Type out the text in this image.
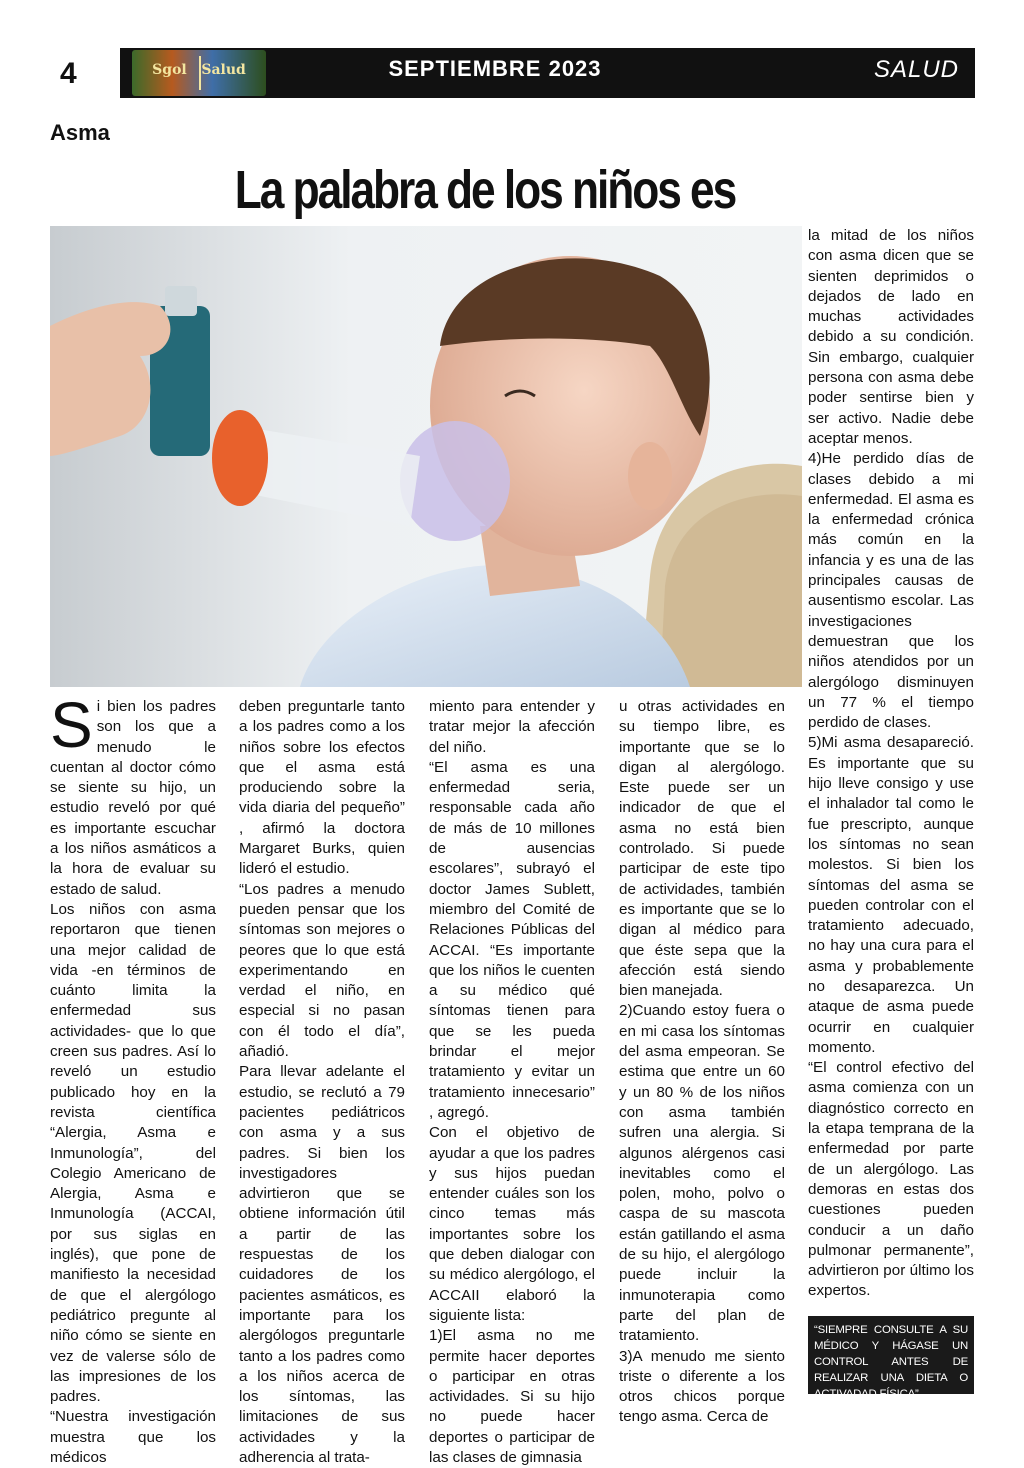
4	Sgol Salud	SEPTIEMBRE 2023	SALUD
Asma
La palabra de los niños es

Si bien los padres son los que a menudo le cuentan al doctor cómo se siente su hijo, un estudio reveló por qué es importante escuchar a los niños asmáticos a la hora de evaluar su estado de salud.

Los niños con asma reportaron que tienen una mejor calidad de vida -en términos de cuánto limita la enfermedad sus actividades- que lo que creen sus padres. Así lo reveló un estudio publicado hoy en la revista científica “Alergia, Asma e Inmunología”, del Colegio Americano de Alergia, Asma e Inmunología (ACCAI, por sus siglas en inglés), que pone de manifiesto la necesidad de que el alergólogo pediátrico pregunte al niño cómo se siente en vez de valerse sólo de las impresiones de los padres.

“Nuestra investigación muestra que los médicos

deben preguntarle tanto a los padres como a los niños sobre los efectos que el asma está produciendo sobre la vida diaria del pequeño” , afirmó la doctora Margaret Burks, quien lideró el estudio.

“Los padres a menudo pueden pensar que los síntomas son mejores o peores que lo que está experimentando en verdad el niño, en especial si no pasan con él todo el día”, añadió.

Para llevar adelante el estudio, se reclutó a 79 pacientes pediátricos con asma y a sus padres. Si bien los investigadores advirtieron que se obtiene información útil a partir de las respuestas de los cuidadores de los pacientes asmáticos, es importante para los alergólogos preguntarle tanto a los padres como a los niños acerca de los síntomas, las limitaciones de sus actividades y la adherencia al trata-

miento para entender y tratar mejor la afección del niño.

“El asma es una enfermedad seria, responsable cada año de más de 10 millones de ausencias escolares”, subrayó el doctor James Sublett, miembro del Comité de Relaciones Públicas del ACCAI. “Es importante que los niños le cuenten a su médico qué síntomas tienen para que se les pueda brindar el mejor tratamiento y evitar un tratamiento innecesario” , agregó.

Con el objetivo de ayudar a que los padres y sus hijos puedan entender cuáles son los cinco temas más importantes sobre los que deben dialogar con su médico alergólogo, el ACCAII elaboró la siguiente lista:

1)El asma no me permite hacer deportes o participar en otras actividades. Si su hijo no puede hacer deportes o participar de las clases de gimnasia

u otras actividades en su tiempo libre, es importante que se lo digan al alergólogo. Este puede ser un indicador de que el asma no está bien controlado. Si puede participar de este tipo de actividades, también es importante que se lo digan al médico para que éste sepa que la afección está siendo bien manejada.

2)Cuando estoy fuera o en mi casa los síntomas del asma empeoran. Se estima que entre un 60 y un 80 % de los niños con asma también sufren una alergia. Si algunos alérgenos casi inevitables como el polen, moho, polvo o caspa de su mascota están gatillando el asma de su hijo, el alergólogo puede incluir la inmunoterapia como parte del plan de tratamiento.

3)A menudo me siento triste o diferente a los otros chicos porque tengo asma. Cerca de

la mitad de los niños con asma dicen que se sienten deprimidos o dejados de lado en muchas actividades debido a su condición. Sin embargo, cualquier persona con asma debe poder sentirse bien y ser activo. Nadie debe aceptar menos.

4)He perdido días de clases debido a mi enfermedad. El asma es la enfermedad crónica más común en la infancia y es una de las principales causas de ausentismo escolar. Las investigaciones demuestran que los niños atendidos por un alergólogo disminuyen un 77 % el tiempo perdido de clases.

5)Mi asma desapareció. Es importante que su hijo lleve consigo y use el inhalador tal como le fue prescripto, aunque los síntomas no sean molestos. Si bien los síntomas del asma se pueden controlar con el tratamiento adecuado, no hay una cura para el asma y probablemente no desaparezca. Un ataque de asma puede ocurrir en cualquier momento.

“El control efectivo del asma comienza con un diagnóstico correcto en la etapa temprana de la enfermedad por parte de un alergólogo. Las demoras en estas dos cuestiones pueden conducir a un daño pulmonar permanente”, advirtieron por último los expertos.

“SIEMPRE CONSULTE A SU MÉDICO Y HÁGASE UN CONTROL ANTES DE REALIZAR UNA DIETA O ACTIVADAD FÍSICA”
